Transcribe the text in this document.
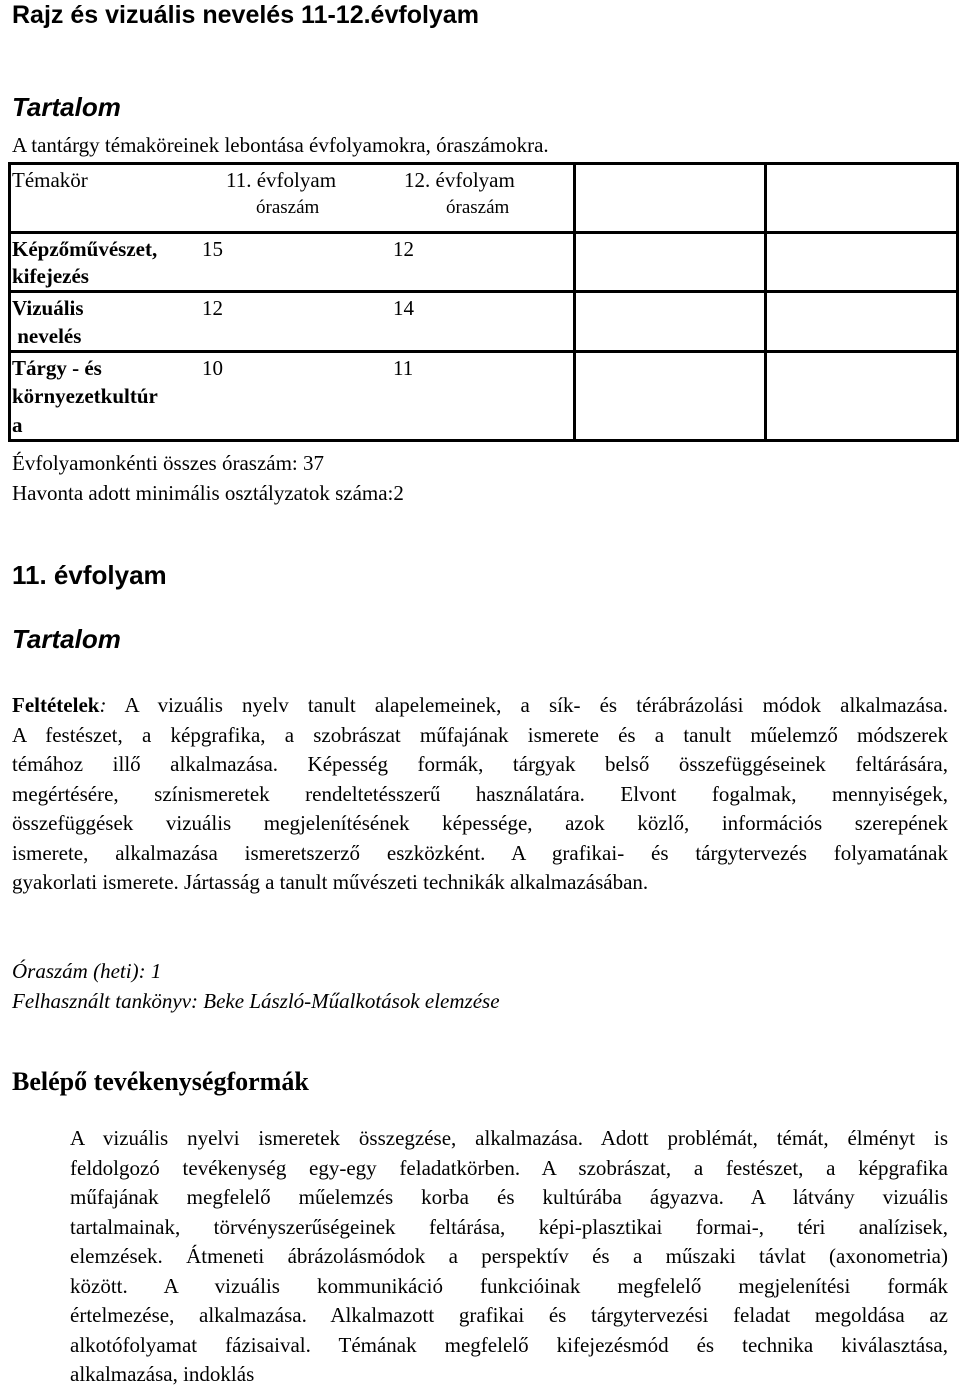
Rajz és vizuális nevelés 11-12.évfolyam
Tartalom
A tantárgy témaköreinek lebontása évfolyamokra, óraszámokra.
Témakör	11. évfolyam	12. évfolyam
óraszám	óraszám
Képzőművészet,
kifejezés
15	12
Vizuális
nevelés
12	14
Tárgy - és
környezetkultúr
a
10	11
Évfolyamonkénti összes óraszám: 37
Havonta adott minimális osztályzatok száma:2
11. évfolyam
Tartalom
Feltételek: A vizuális nyelv tanult alapelemeinek, a sík- és térábrázolási módok alkalmazása.
A festészet, a képgrafika, a szobrászat műfajának ismerete és a tanult műelemző módszerek
témához illő alkalmazása. Képesség formák, tárgyak belső összefüggéseinek feltárására,
megértésére, színismeretek rendeltetésszerű használatára. Elvont fogalmak, mennyiségek,
összefüggések vizuális megjelenítésének képessége, azok közlő, információs szerepének
ismerete, alkalmazása ismeretszerző eszközként. A grafikai- és tárgytervezés folyamatának
gyakorlati ismerete. Jártasság a tanult művészeti technikák alkalmazásában.
Óraszám (heti): 1
Felhasznált tankönyv: Beke László-Műalkotások elemzése
Belépő tevékenységformák
A vizuális nyelvi ismeretek összegzése, alkalmazása. Adott problémát, témát, élményt is
feldolgozó tevékenység egy-egy feladatkörben. A szobrászat, a festészet, a képgrafika
műfajának megfelelő műelemzés korba és kultúrába ágyazva. A látvány vizuális
tartalmainak, törvényszerűségeinek feltárása, képi-plasztikai formai-, téri analízisek,
elemzések. Átmeneti ábrázolásmódok a perspektív és a műszaki távlat (axonometria)
között. A vizuális kommunikáció funkcióinak megfelelő megjelenítési formák
értelmezése, alkalmazása. Alkalmazott grafikai és tárgytervezési feladat megoldása az
alkotófolyamat fázisaival. Témának megfelelő kifejezésmód és technika kiválasztása,
alkalmazása, indoklás
